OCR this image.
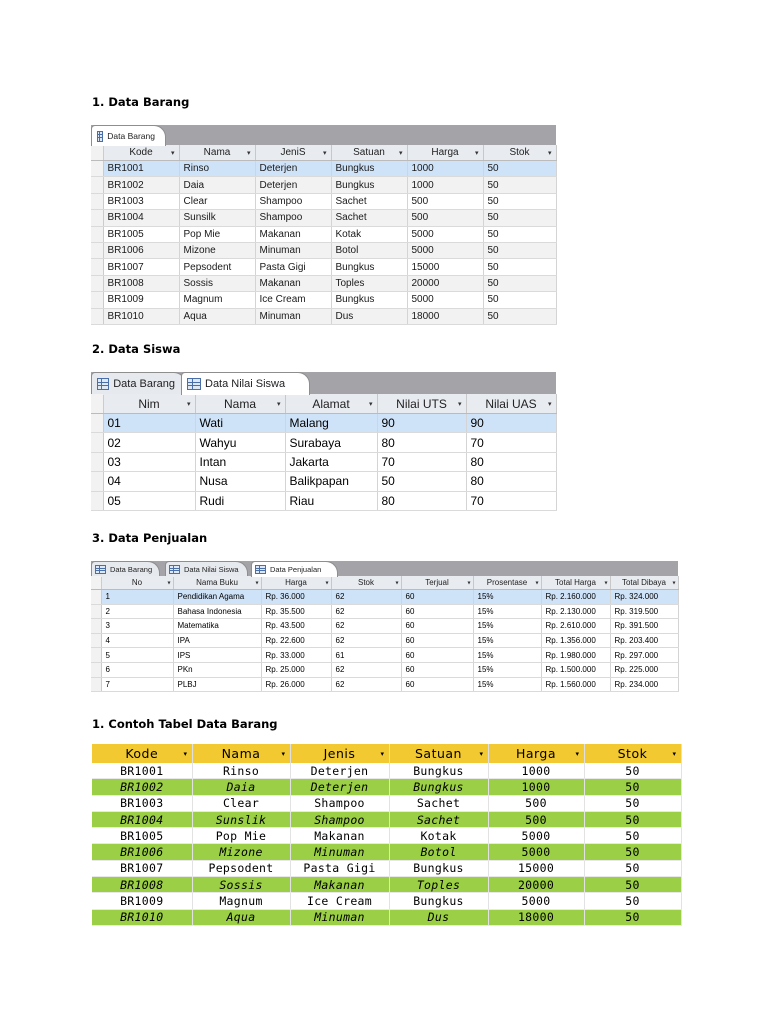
1. Data Barang
2. Data Siswa
3. Data Penjualan
1. Contoh Tabel Data Barang
Data Barang

	Kode ▾	Nama ▾	JeniS ▾	Satuan ▾	Harga ▾	Stok ▾

	BR1001	Rinso	Deterjen	Bungkus	1000	50
	BR1002	Daia	Deterjen	Bungkus	1000	50
	BR1003	Clear	Shampoo	Sachet	500	50
	BR1004	Sunsilk	Shampoo	Sachet	500	50
	BR1005	Pop Mie	Makanan	Kotak	5000	50
	BR1006	Mizone	Minuman	Botol	5000	50
	BR1007	Pepsodent	Pasta Gigi	Bungkus	15000	50
	BR1008	Sossis	Makanan	Toples	20000	50
	BR1009	Magnum	Ice Cream	Bungkus	5000	50
	BR1010	Aqua	Minuman	Dus	18000	50
Data Barang	Data Nilai Siswa

	Nim ▾	Nama ▾	Alamat ▾	Nilai UTS ▾	Nilai UAS ▾

	01	Wati	Malang	90	90
	02	Wahyu	Surabaya	80	70
	03	Intan	Jakarta	70	80
	04	Nusa	Balikpapan	50	80
	05	Rudi	Riau	80	70
Data Barang	Data Nilai Siswa	Data Penjualan

	No ▾	Nama Buku ▾	Harga ▾	Stok ▾	Terjual ▾	Prosentase ▾	Total Harga ▾	Total Dibaya ▾

	1	Pendidikan Agama	Rp. 36.000	62	60	15%	Rp. 2.160.000	Rp. 324.000
	2	Bahasa Indonesia	Rp. 35.500	62	60	15%	Rp. 2.130.000	Rp. 319.500
	3	Matematika	Rp. 43.500	62	60	15%	Rp. 2.610.000	Rp. 391.500
	4	IPA	Rp. 22.600	62	60	15%	Rp. 1.356.000	Rp. 203.400
	5	IPS	Rp. 33.000	61	60	15%	Rp. 1.980.000	Rp. 297.000
	6	PKn	Rp. 25.000	62	60	15%	Rp. 1.500.000	Rp. 225.000
	7	PLBJ	Rp. 26.000	62	60	15%	Rp. 1.560.000	Rp. 234.000
Kode ▾	Nama ▾	Jenis ▾	Satuan ▾	Harga ▾	Stok ▾

BR1001	Rinso	Deterjen	Bungkus	1000	50
BR1002	Daia	Deterjen	Bungkus	1000	50
BR1003	Clear	Shampoo	Sachet	500	50
BR1004	Sunslik	Shampoo	Sachet	500	50
BR1005	Pop Mie	Makanan	Kotak	5000	50
BR1006	Mizone	Minuman	Botol	5000	50
BR1007	Pepsodent	Pasta Gigi	Bungkus	15000	50
BR1008	Sossis	Makanan	Toples	20000	50
BR1009	Magnum	Ice Cream	Bungkus	5000	50
BR1010	Aqua	Minuman	Dus	18000	50
